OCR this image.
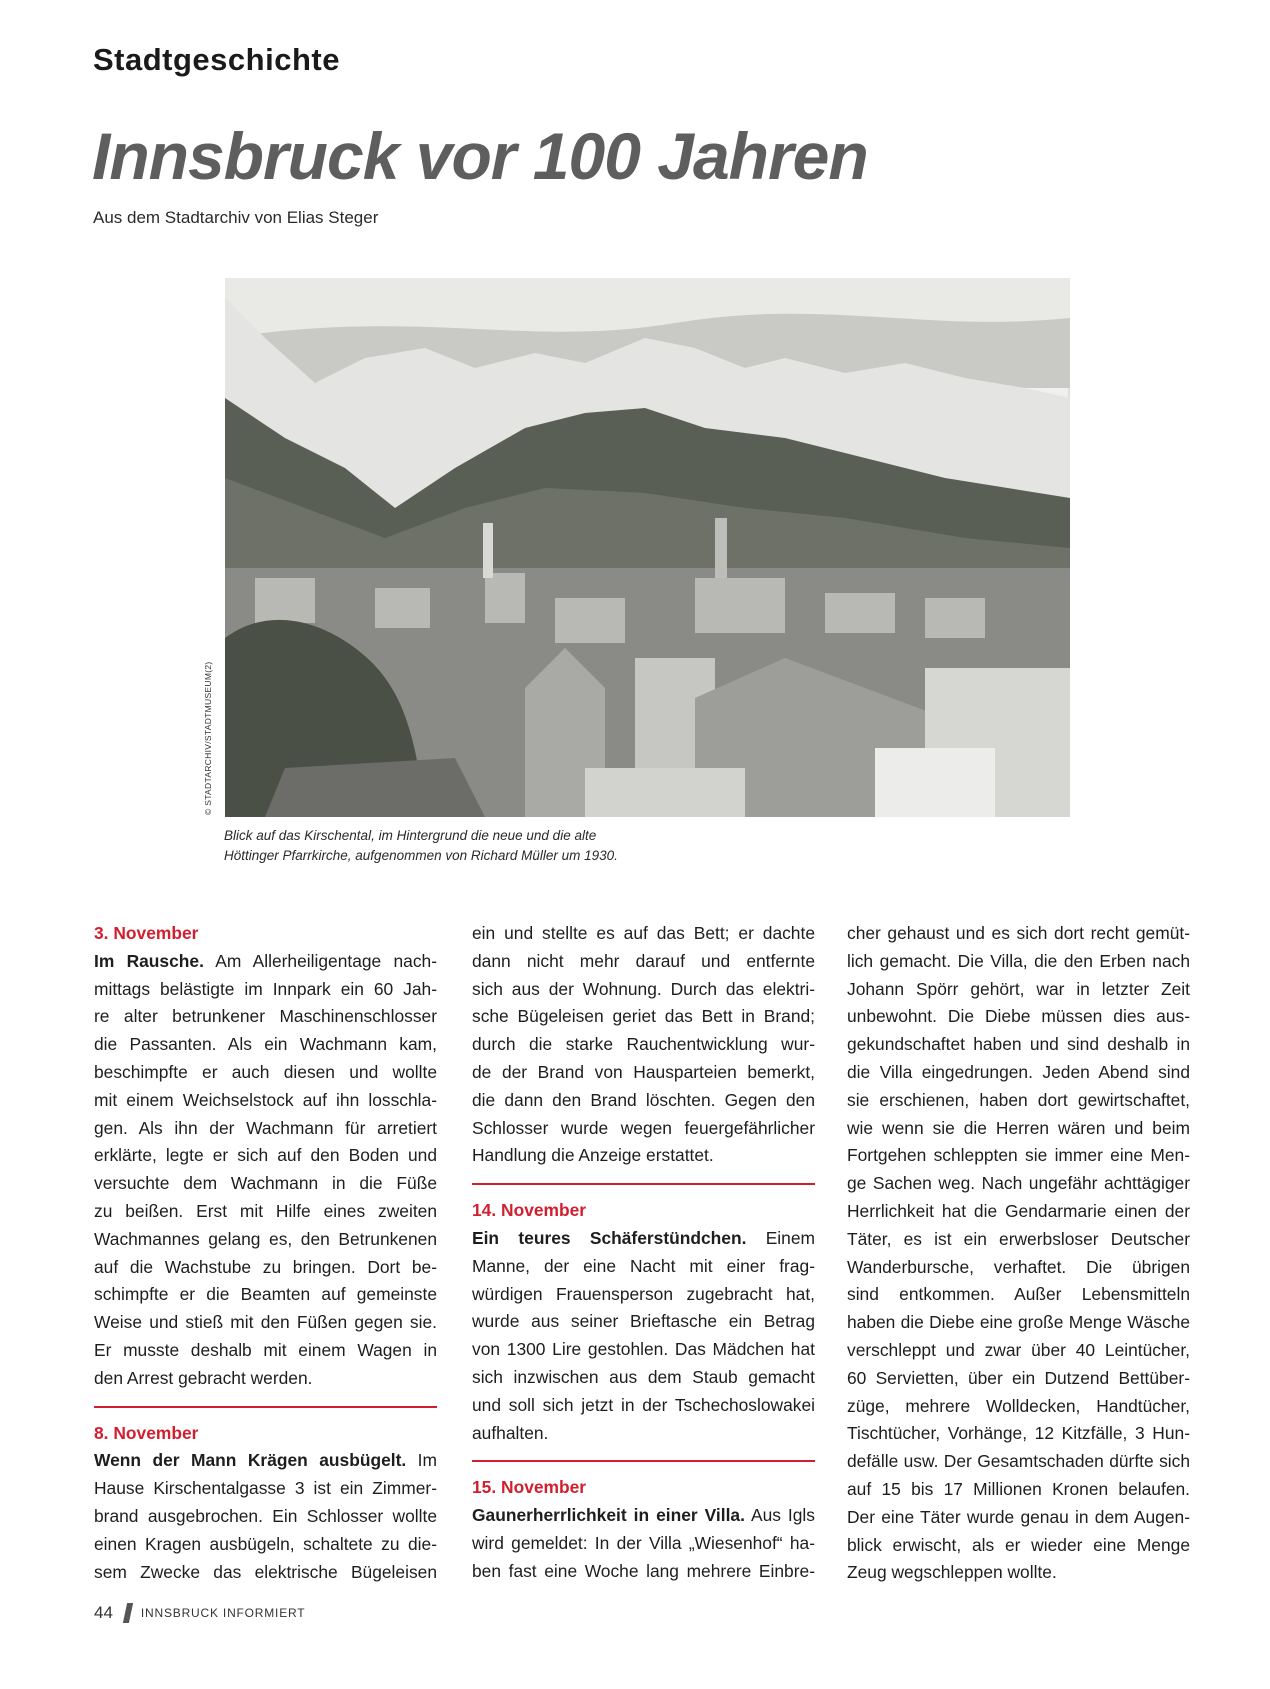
Stadtgeschichte
Innsbruck vor 100 Jahren
Aus dem Stadtarchiv von Elias Steger
© STADTARCHIV/STADTMUSEUM(2)
Blick auf das Kirschental, im Hintergrund die neue und die alte
Höttinger Pfarrkirche, aufgenommen von Richard Müller um 1930.
3. November
Im Rausche. Am Allerheiligentage nach-
mittags belästigte im Innpark ein 60 Jah-
re alter betrunkener Maschinenschlosser
die Passanten. Als ein Wachmann kam,
beschimpfte er auch diesen und wollte
mit einem Weichselstock auf ihn losschla-
gen. Als ihn der Wachmann für arretiert
erklärte, legte er sich auf den Boden und
versuchte dem Wachmann in die Füße
zu beißen. Erst mit Hilfe eines zweiten
Wachmannes gelang es, den Betrunkenen
auf die Wachstube zu bringen. Dort be-
schimpfte er die Beamten auf gemeinste
Weise und stieß mit den Füßen gegen sie.
Er musste deshalb mit einem Wagen in
den Arrest gebracht werden.
8. November
Wenn der Mann Krägen ausbügelt. Im
Hause Kirschentalgasse 3 ist ein Zimmer-
brand ausgebrochen. Ein Schlosser wollte
einen Kragen ausbügeln, schaltete zu die-
sem Zwecke das elektrische Bügeleisen
ein und stellte es auf das Bett; er dachte
dann nicht mehr darauf und entfernte
sich aus der Wohnung. Durch das elektri-
sche Bügeleisen geriet das Bett in Brand;
durch die starke Rauchentwicklung wur-
de der Brand von Hausparteien bemerkt,
die dann den Brand löschten. Gegen den
Schlosser wurde wegen feuergefährlicher
Handlung die Anzeige erstattet.
14. November
Ein teures Schäferstündchen. Einem
Manne, der eine Nacht mit einer frag-
würdigen Frauensperson zugebracht hat,
wurde aus seiner Brieftasche ein Betrag
von 1300 Lire gestohlen. Das Mädchen hat
sich inzwischen aus dem Staub gemacht
und soll sich jetzt in der Tschechoslowakei
aufhalten.
15. November
Gaunerherrlichkeit in einer Villa. Aus Igls
wird gemeldet: In der Villa „Wiesenhof“ ha-
ben fast eine Woche lang mehrere Einbre-
cher gehaust und es sich dort recht gemüt-
lich gemacht. Die Villa, die den Erben nach
Johann Spörr gehört, war in letzter Zeit
unbewohnt. Die Diebe müssen dies aus-
gekundschaftet haben und sind deshalb in
die Villa eingedrungen. Jeden Abend sind
sie erschienen, haben dort gewirtschaftet,
wie wenn sie die Herren wären und beim
Fortgehen schleppten sie immer eine Men-
ge Sachen weg. Nach ungefähr achttägiger
Herrlichkeit hat die Gendarmarie einen der
Täter, es ist ein erwerbsloser Deutscher
Wanderbursche, verhaftet. Die übrigen
sind entkommen. Außer Lebensmitteln
haben die Diebe eine große Menge Wäsche
verschleppt und zwar über 40 Leintücher,
60 Servietten, über ein Dutzend Bettüber-
züge, mehrere Wolldecken, Handtücher,
Tischtücher, Vorhänge, 12 Kitzfälle, 3 Hun-
defälle usw. Der Gesamtschaden dürfte sich
auf 15 bis 17 Millionen Kronen belaufen.
Der eine Täter wurde genau in dem Augen-
blick erwischt, als er wieder eine Menge
Zeug wegschleppen wollte.
44 INNSBRUCK INFORMIERT
